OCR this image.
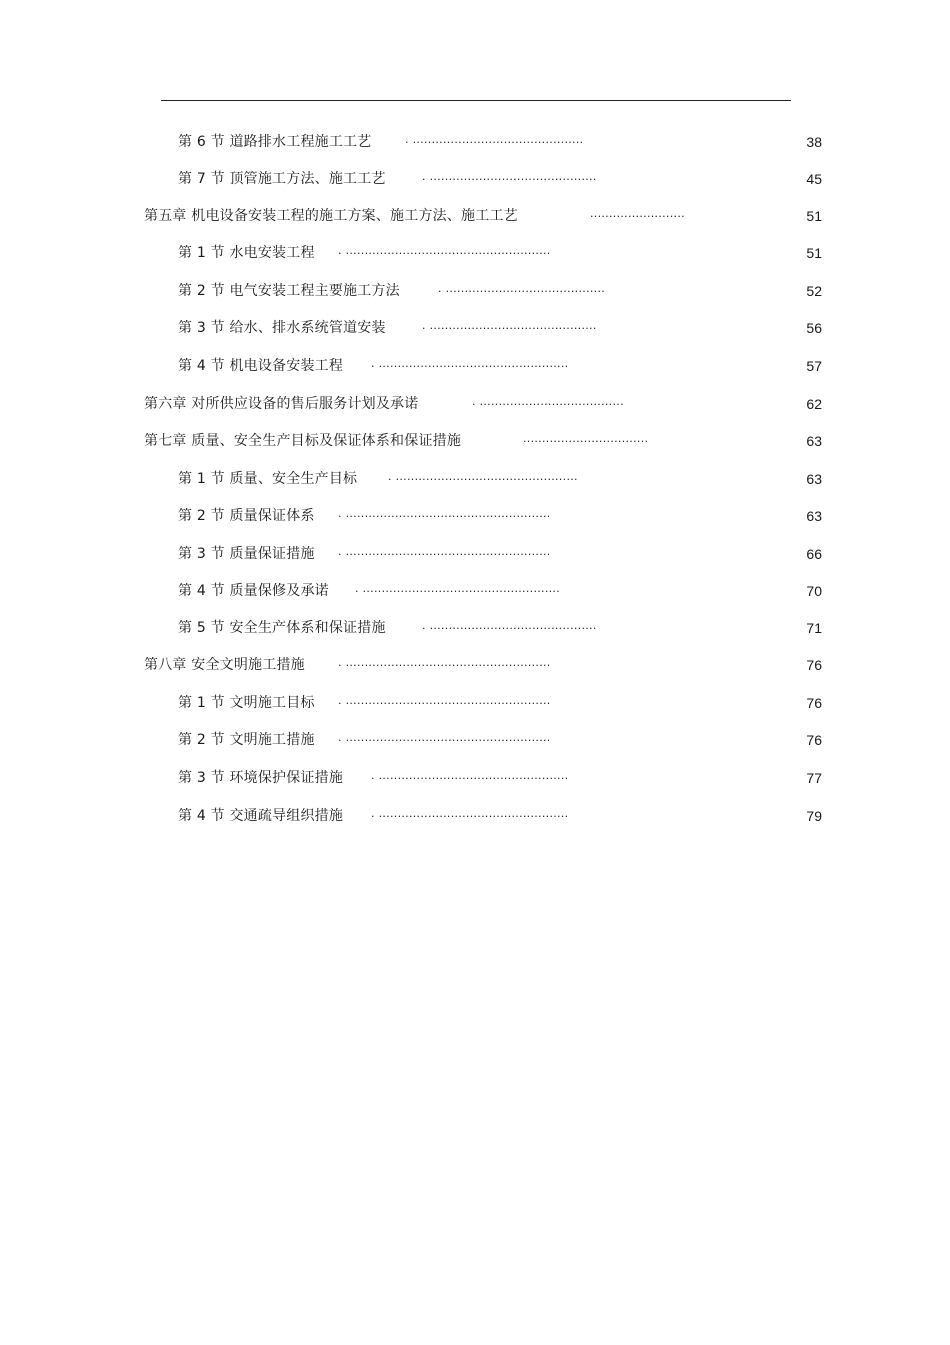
第 6 节 道路排水工程施工工艺	. .............................................	38
第 7 节 顶管施工方法、施工工艺	. ............................................	45
第五章 机电设备安装工程的施工方案、施工方法、施工工艺	.........................	51
第 1 节 水电安装工程 . ......................................................	51
第 2 节 电气安装工程主要施工方法	. ..........................................	52
第 3 节 给水、排水系统管道安装	. ............................................	56
第 4 节 机电设备安装工程	. ..................................................	57
第六章 对所供应设备的售后服务计划及承诺	. ......................................	62
第七章 质量、安全生产目标及保证体系和保证措施	.................................	63
第 1 节 质量、安全生产目标	. ................................................	63
第 2 节 质量保证体系 . ......................................................	63
第 3 节 质量保证措施 . ......................................................	66
第 4 节 质量保修及承诺 . ....................................................	70
第 5 节 安全生产体系和保证措施	. ............................................	71
第八章 安全文明施工措施	. ......................................................	76
第 1 节 文明施工目标 . ......................................................	76
第 2 节 文明施工措施 . ......................................................	76
第 3 节 环境保护保证措施	. ..................................................	77
第 4 节 交通疏导组织措施	. ..................................................	79
